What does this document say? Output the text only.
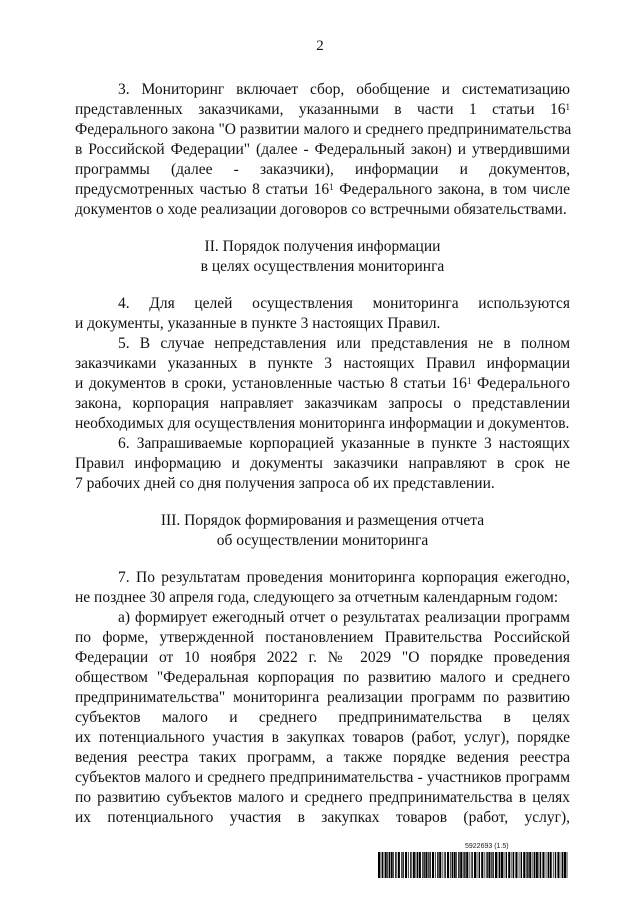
2
3. Мониторинг включает сбор, обобщение и систематизацию
представленных заказчиками, указанными в части 1 статьи $16^1$
Федерального закона "О развитии малого и среднего предпринимательства
в Российской Федерации" (далее - Федеральный закон) и утвердившими
программы (далее - заказчики), информации и документов,
предусмотренных частью 8 статьи $16^1$ Федерального закона, в том числе
документов о ходе реализации договоров со встречными обязательствами.
II. Порядок получения информации
в целях осуществления мониторинга
4. Для целей осуществления мониторинга используются
и документы, указанные в пункте 3 настоящих Правил.
5. В случае непредставления или представления не в полном
заказчиками указанных в пункте 3 настоящих Правил информации
и документов в сроки, установленные частью 8 статьи $16^1$ Федерального
закона, корпорация направляет заказчикам запросы о представлении
необходимых для осуществления мониторинга информации и документов.
6. Запрашиваемые корпорацией указанные в пункте 3 настоящих
Правил информацию и документы заказчики направляют в срок не
7 рабочих дней со дня получения запроса об их представлении.
III. Порядок формирования и размещения отчета
об осуществлении мониторинга
7. По результатам проведения мониторинга корпорация ежегодно,
не позднее 30 апреля года, следующего за отчетным календарным годом:
а) формирует ежегодный отчет о результатах реализации программ
по форме, утвержденной постановлением Правительства Российской
Федерации от 10 ноября 2022 г. № 2029 "О порядке проведения
обществом "Федеральная корпорация по развитию малого и среднего
предпринимательства" мониторинга реализации программ по развитию
субъектов малого и среднего предпринимательства в целях
их потенциального участия в закупках товаров (работ, услуг), порядке
ведения реестра таких программ, а также порядке ведения реестра
субъектов малого и среднего предпринимательства - участников программ
по развитию субъектов малого и среднего предпринимательства в целях
их потенциального участия в закупках товаров (работ, услуг),
5922693 (1.5)
